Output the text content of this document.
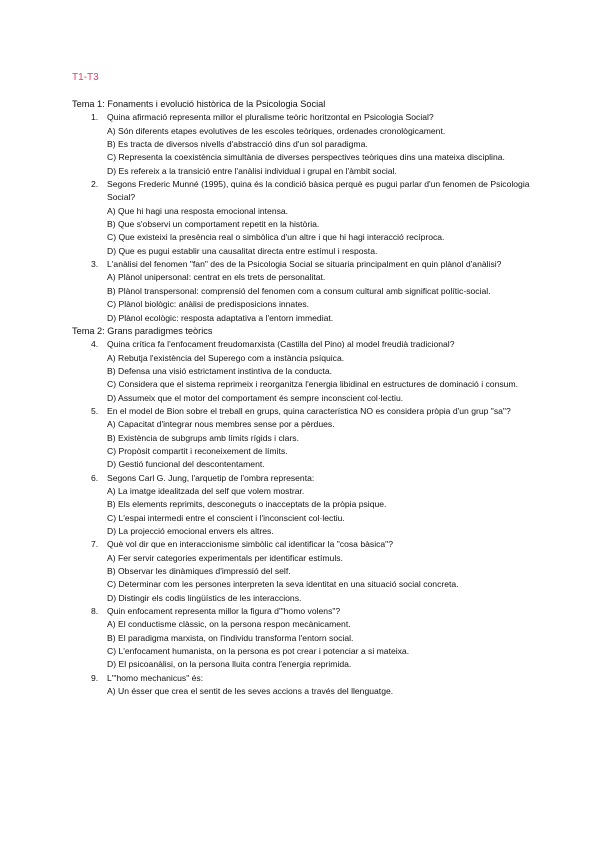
T1-T3
Tema 1: Fonaments i evolució històrica de la Psicologia Social
1. Quina afirmació representa millor el pluralisme teòric horitzontal en Psicologia Social?
A) Són diferents etapes evolutives de les escoles teòriques, ordenades cronològicament.
B) Es tracta de diversos nivells d'abstracció dins d'un sol paradigma.
C) Representa la coexistència simultània de diverses perspectives teòriques dins una mateixa disciplina.
D) Es refereix a la transició entre l'anàlisi individual i grupal en l'àmbit social.
2. Segons Frederic Munné (1995), quina és la condició bàsica perquè es pugui parlar d'un fenomen de Psicologia Social?
A) Que hi hagi una resposta emocional intensa.
B) Que s'observi un comportament repetit en la història.
C) Que existeixi la presència real o simbòlica d'un altre i que hi hagi interacció recíproca.
D) Que es pugui establir una causalitat directa entre estímul i resposta.
3. L'anàlisi del fenomen "fan" des de la Psicologia Social se situaria principalment en quin plànol d'anàlisi?
A) Plànol unipersonal: centrat en els trets de personalitat.
B) Plànol transpersonal: comprensió del fenomen com a consum cultural amb significat polític-social.
C) Plànol biològic: anàlisi de predisposicions innates.
D) Plànol ecològic: resposta adaptativa a l'entorn immediat.
Tema 2: Grans paradigmes teòrics
4. Quina crítica fa l'enfocament freudomarxista (Castilla del Pino) al model freudià tradicional?
A) Rebutja l'existència del Superego com a instància psíquica.
B) Defensa una visió estrictament instintiva de la conducta.
C) Considera que el sistema reprimeix i reorganitza l'energia libidinal en estructures de dominació i consum.
D) Assumeix que el motor del comportament és sempre inconscient col·lectiu.
5. En el model de Bion sobre el treball en grups, quina característica NO es considera pròpia d'un grup "sa"?
A) Capacitat d'integrar nous membres sense por a pèrdues.
B) Existència de subgrups amb límits rígids i clars.
C) Propòsit compartit i reconeixement de límits.
D) Gestió funcional del descontentament.
6. Segons Carl G. Jung, l'arquetip de l'ombra representa:
A) La imatge idealitzada del self que volem mostrar.
B) Els elements reprimits, desconeguts o inacceptats de la pròpia psique.
C) L'espai intermedi entre el conscient i l'inconscient col·lectiu.
D) La projecció emocional envers els altres.
7. Què vol dir que en interaccionisme simbòlic cal identificar la "cosa bàsica"?
A) Fer servir categories experimentals per identificar estímuls.
B) Observar les dinàmiques d'impressió del self.
C) Determinar com les persones interpreten la seva identitat en una situació social concreta.
D) Distingir els codis lingüístics de les interaccions.
8. Quin enfocament representa millor la figura d'"homo volens"?
A) El conductisme clàssic, on la persona respon mecànicament.
B) El paradigma marxista, on l'individu transforma l'entorn social.
C) L'enfocament humanista, on la persona es pot crear i potenciar a si mateixa.
D) El psicoanàlisi, on la persona lluita contra l'energia reprimida.
9. L'"homo mechanicus" és:
A) Un ésser que crea el sentit de les seves accions a través del llenguatge.
